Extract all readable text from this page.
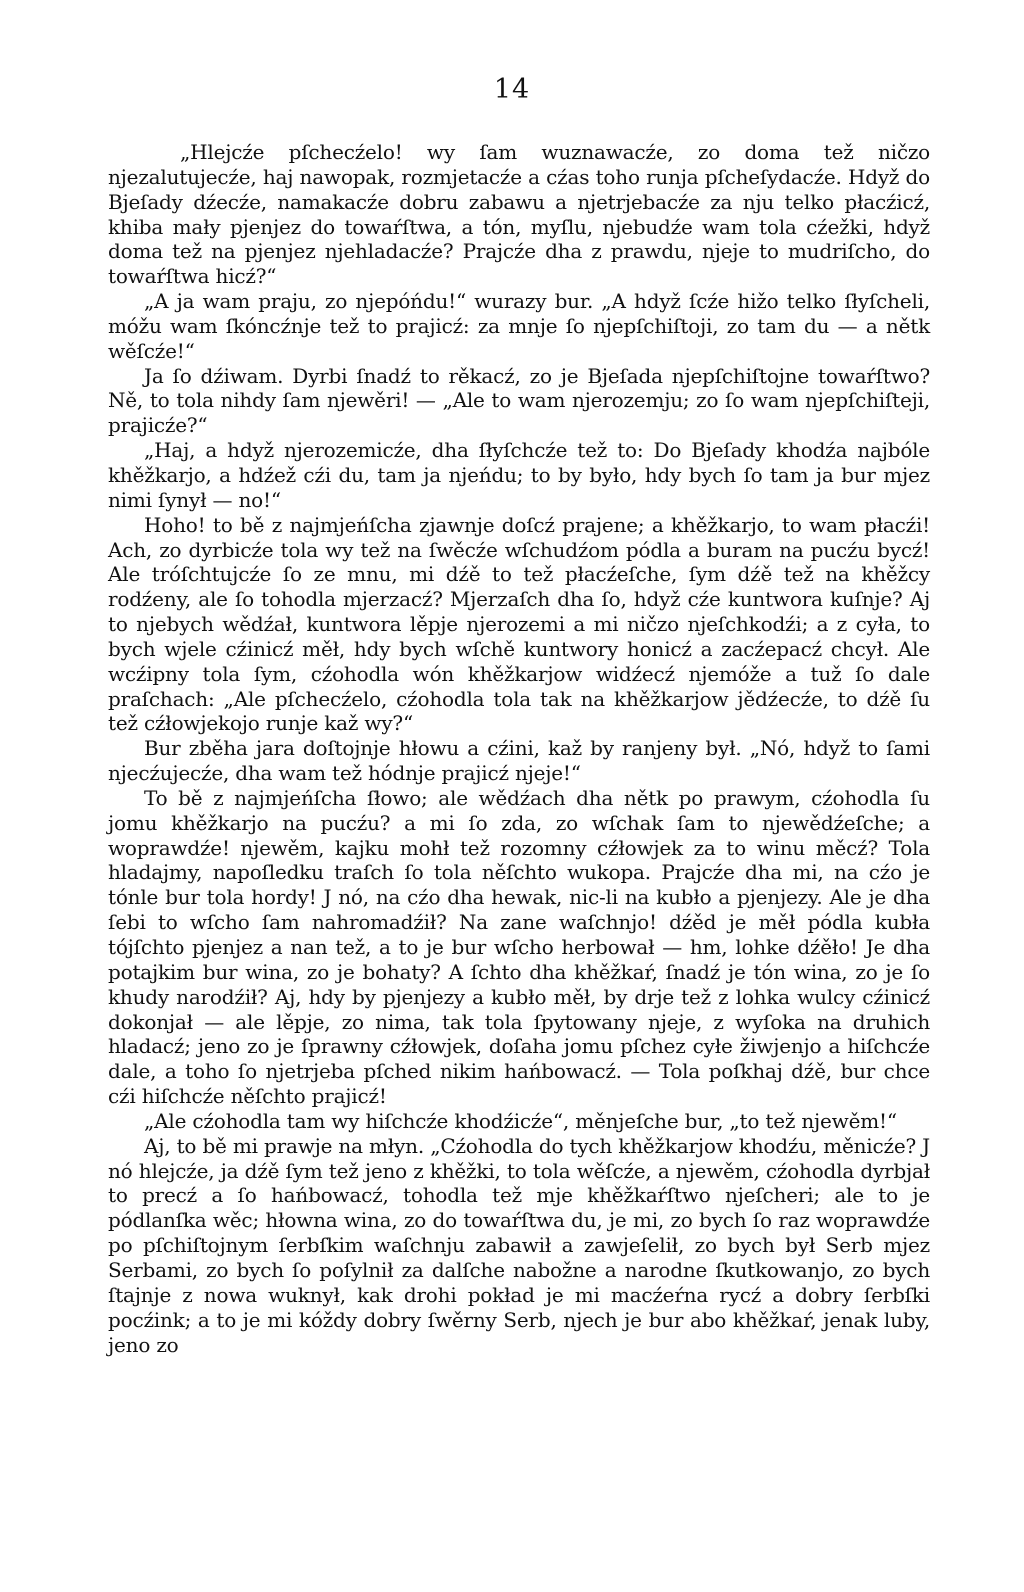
14

„Hlejcźe pſchecźelo! wy ſam wuznawacźe, zo doma tež ničzo njezalutujecźe, haj nawopak, rozmjetacźe a cźas toho runja pſcheſydacźe. Hdyž do Bjeſady dźecźe, namakacźe dobru zabawu a njetrjebacźe za nju telko płacźicź, khiba mały pjenjez do towaŕſtwa, a tón, myſlu, njebudźe wam tola cźežki, hdyž doma tež na pjenjez njehladacźe? Prajcźe dha z prawdu, njeje to mudriſcho, do towaŕſtwa hicź?“

„A ja wam praju, zo njepóńdu!“ wurazy bur. „A hdyž ſcźe hižo telko ſłyſcheli, móžu wam ſkóncźnje tež to prajicź: za mnje ſo njepſchiſtoji, zo tam du — a nětk wěſcźe!“

Ja ſo dźiwam. Dyrbi ſnadź to rěkacź, zo je Bjeſada njepſchiſtojne towaŕſtwo? Ně, to tola nihdy ſam njewěri! — „Ale to wam njerozemju; zo ſo wam njepſchiſteji, prajicźe?“

„Haj, a hdyž njerozemicźe, dha ſłyſchcźe tež to: Do Bjeſady khodźa najbóle khěžkarjo, a hdźež cźi du, tam ja njeńdu; to by było, hdy bych ſo tam ja bur mjez nimi ſynył — no!“

Hoho! to bě z najmjeńſcha zjawnje doſcź prajene; a khěžkarjo, to wam płacźi! Ach, zo dyrbicźe tola wy tež na ſwěcźe wſchudźom pódla a buram na pucźu bycź! Ale tróſchtujcźe ſo ze mnu, mi dźě to tež płacźeſche, ſym dźě tež na khěžcy rodźeny, ale ſo tohodla mjerzacź? Mjerzaſch dha ſo, hdyž cźe kuntwora kuſnje? Aj to njebych wědźał, kuntwora lěpje njerozemi a mi ničzo njeſchkodźi; a z cyła, to bych wjele cźinicź měł, hdy bych wſchě kuntwory honicź a zacźepacź chcył. Ale wcźipny tola ſym, cźohodla wón khěžkarjow widźecź njemóže a tuž ſo dale praſchach: „Ale pſchecźelo, cźohodla tola tak na khěžkarjow jědźecźe, to dźě ſu tež cźłowjekojo runje kaž wy?“

Bur zběha jara doſtojnje hłowu a cźini, kaž by ranjeny był. „Nó, hdyž to ſami njecźujecźe, dha wam tež hódnje prajicź njeje!“

To bě z najmjeńſcha ſłowo; ale wědźach dha nětk po prawym, cźohodla ſu jomu khěžkarjo na pucźu? a mi ſo zda, zo wſchak ſam to njewědźeſche; a woprawdźe! njewěm, kajku mohł tež rozomny cźłowjek za to winu měcź? Tola hladajmy, napoſledku traſch ſo tola něſchto wukopa. Prajcźe dha mi, na cźo je tónle bur tola hordy! J nó, na cźo dha hewak, nic-li na kubło a pjenjezy. Ale je dha ſebi to wſcho ſam nahromadźił? Na zane waſchnjo! dźěd je měł pódla kubła tójſchto pjenjez a nan tež, a to je bur wſcho herbował — hm, lohke dźěło! Je dha potajkim bur wina, zo je bohaty? A ſchto dha khěžkaŕ, ſnadź je tón wina, zo je ſo khudy narodźił? Aj, hdy by pjenjezy a kubło měł, by drje tež z lohka wulcy cźinicź dokonjał — ale lěpje, zo nima, tak tola ſpytowany njeje, z wyſoka na druhich hladacź; jeno zo je ſprawny cźłowjek, doſaha jomu pſchez cyłe žiwjenjo a hiſchcźe dale, a toho ſo njetrjeba pſched nikim hańbowacź. — Tola poſkhaj dźě, bur chce cźi hiſchcźe něſchto prajicź!

„Ale cźohodla tam wy hiſchcźe khodźicźe“, měnjeſche bur, „to tež njewěm!“

Aj, to bě mi prawje na młyn. „Cźohodla do tych khěžkarjow khodźu, měnicźe? J nó hlejcźe, ja dźě ſym tež jeno z khěžki, to tola wěſcźe, a njewěm, cźohodla dyrbjał to precź a ſo hańbowacź, tohodla tež mje khěžkaŕſtwo njeſcheri; ale to je pódlanſka wěc; hłowna wina, zo do towaŕſtwa du, je mi, zo bych ſo raz woprawdźe po pſchiſtojnym ſerbſkim waſchnju zabawił a zawjeſelił, zo bych był Serb mjez Serbami, zo bych ſo poſylnił za dalſche nabožne a narodne ſkutkowanjo, zo bych ſtajnje z nowa wuknył, kak drohi pokład je mi macźeŕna rycź a dobry ſerbſki pocźink; a to je mi kóždy dobry ſwěrny Serb, njech je bur abo khěžkaŕ, jenak luby, jeno zo
